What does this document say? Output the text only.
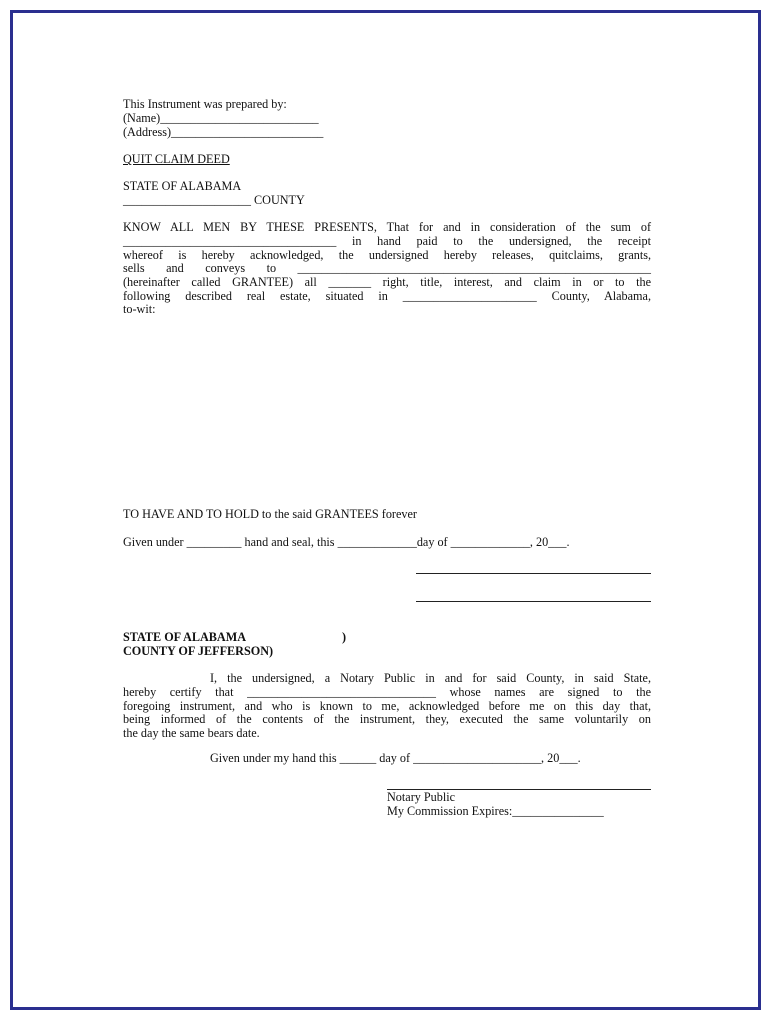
This Instrument was prepared by:

(Name)__________________________

(Address)_________________________

QUIT CLAIM DEED

STATE OF ALABAMA

_____________________ COUNTY

KNOW ALL MEN BY THESE PRESENTS, That for and in consideration of the sum of

___________________________________ in hand paid to the undersigned, the receipt

whereof is hereby acknowledged, the undersigned hereby releases, quitclaims, grants,

sells and conveys to __________________________________________________________

(hereinafter called GRANTEE) all _______ right, title, interest, and claim in or to the

following described real estate, situated in ______________________ County, Alabama,

to-wit:

TO HAVE AND TO HOLD to the said GRANTEES forever

Given under _________ hand and seal, this _____________day of _____________, 20___.

STATE OF ALABAMA	)

COUNTY OF JEFFERSON)

I, the undersigned, a Notary Public in and for said County, in said State,

hereby certify that _______________________________ whose names are signed to the

foregoing instrument, and who is known to me, acknowledged before me on this day that,

being informed of the contents of the instrument, they, executed the same voluntarily on

the day the same bears date.

Given under my hand this ______ day of _____________________, 20___.

Notary Public

My Commission Expires:_______________
